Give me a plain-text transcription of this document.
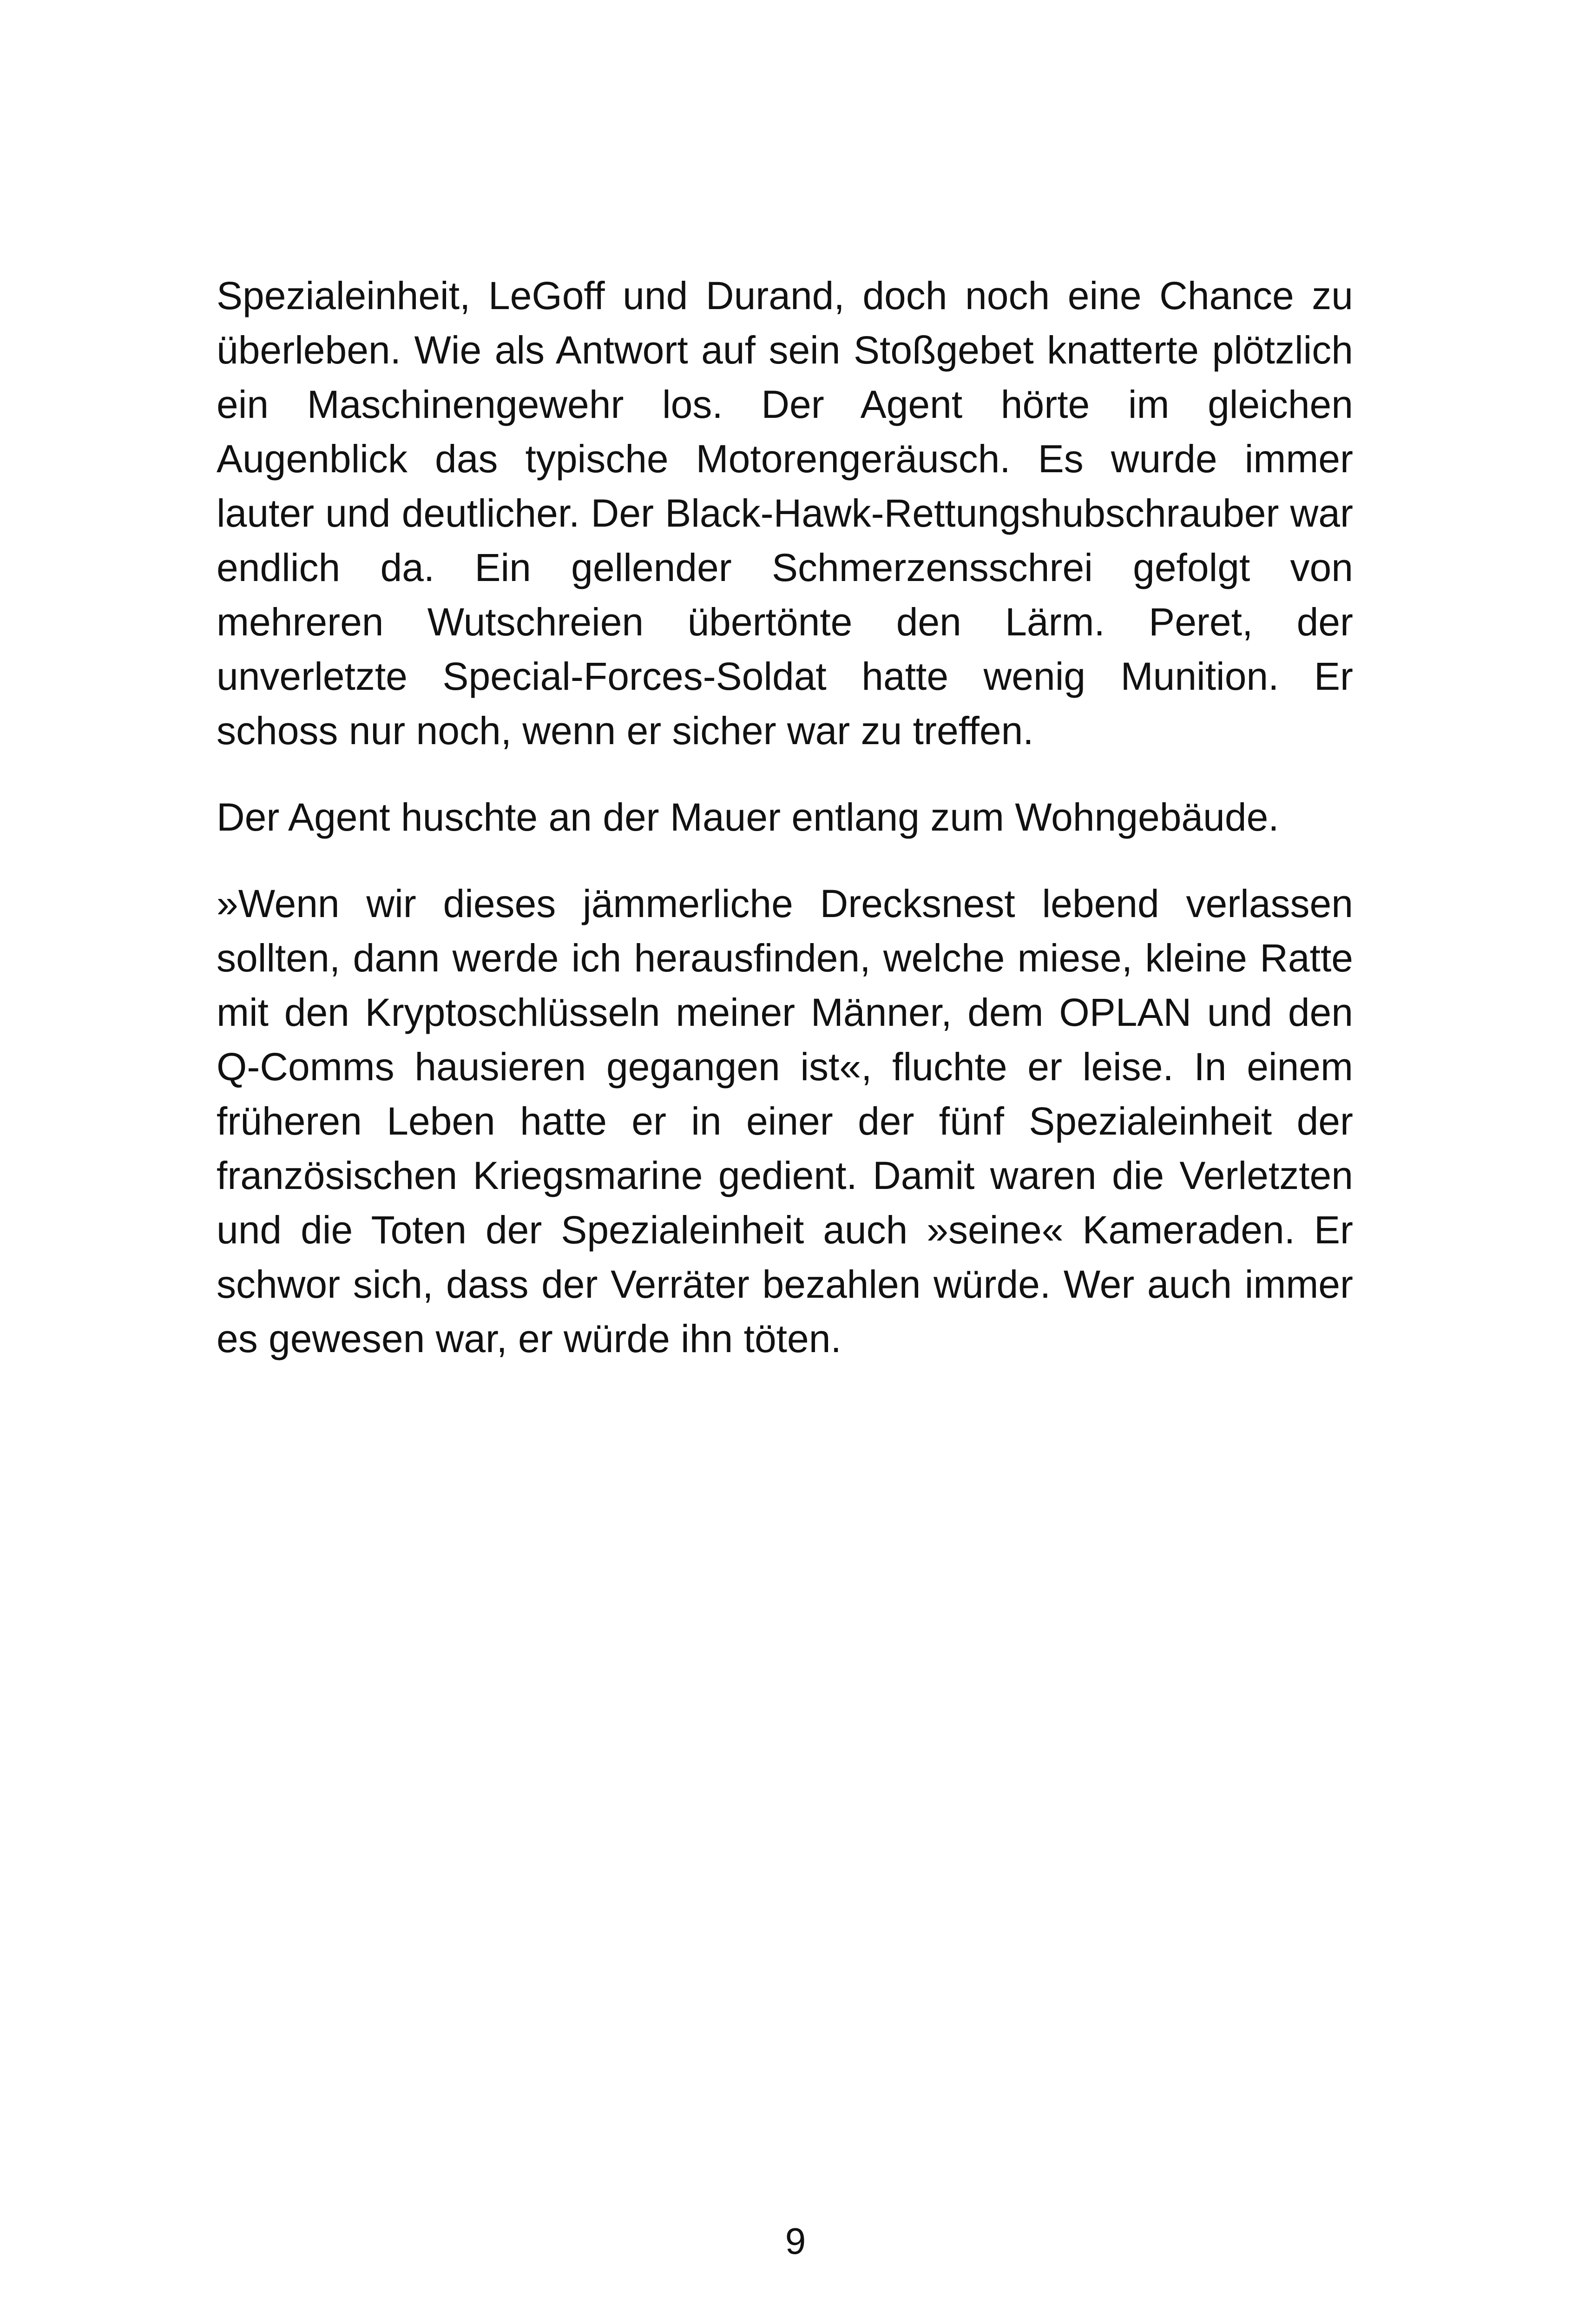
Spezialeinheit, LeGoff und Durand, doch noch eine Chance zu überleben. Wie als Antwort auf sein Stoßgebet knatterte plötzlich ein Maschinengewehr los. Der Agent hörte im gleichen Augenblick das typische Motorengeräusch. Es wurde immer lauter und deutlicher. Der Black-Hawk-Rettungshubschrauber war endlich da. Ein gellender Schmerzensschrei gefolgt von mehreren Wutschreien übertönte den Lärm. Peret, der unverletzte Special-Forces-Soldat hatte wenig Munition. Er schoss nur noch, wenn er sicher war zu treffen.

Der Agent huschte an der Mauer entlang zum Wohngebäude.

»Wenn wir dieses jämmerliche Drecksnest lebend verlassen sollten, dann werde ich herausfinden, welche miese, kleine Ratte mit den Kryptoschlüsseln meiner Männer, dem OPLAN und den Q-Comms hausieren gegangen ist«, fluchte er leise. In einem früheren Leben hatte er in einer der fünf Spezialeinheit der französischen Kriegsmarine gedient. Damit waren die Verletzten und die Toten der Spezialeinheit auch »seine« Kameraden. Er schwor sich, dass der Verräter bezahlen würde. Wer auch immer es gewesen war, er würde ihn töten.

9
